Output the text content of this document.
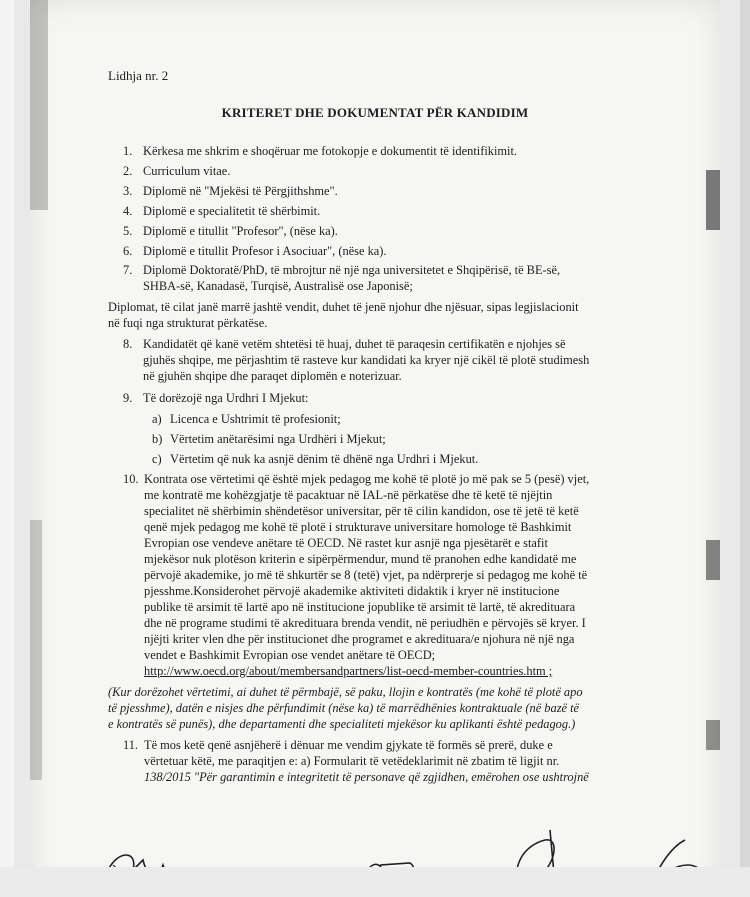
Lidhja nr. 2
KRITERET DHE DOKUMENTAT PËR KANDIDIM
1. Kërkesa me shkrim e shoqëruar me fotokopje e dokumentit të identifikimit.
2. Curriculum vitae.
3. Diplomë në "Mjekësi të Përgjithshme".
4. Diplomë e specialitetit të shërbimit.
5. Diplomë e titullit "Profesor", (nëse ka).
6. Diplomë e titullit Profesor i Asociuar", (nëse ka).
7. Diplomë Doktoratë/PhD, të mbrojtur në një nga universitetet e Shqipërisë, të BE-së,
SHBA-së, Kanadasë, Turqisë, Australisë ose Japonisë;
Diplomat, të cilat janë marrë jashtë vendit, duhet të jenë njohur dhe njësuar, sipas legjislacionit
në fuqi nga strukturat përkatëse.
8. Kandidatët që kanë vetëm shtetësi të huaj, duhet të paraqesin certifikatën e njohjes së
gjuhës shqipe, me përjashtim të rasteve kur kandidati ka kryer një cikël të plotë studimesh
në gjuhën shqipe dhe paraqet diplomën e noterizuar.
9. Të dorëzojë nga Urdhri I Mjekut:
a) Licenca e Ushtrimit të profesionit;
b) Vërtetim anëtarësimi nga Urdhëri i Mjekut;
c) Vërtetim që nuk ka asnjë dënim të dhënë nga Urdhri i Mjekut.
10. Kontrata ose vërtetimi që është mjek pedagog me kohë të plotë jo më pak se 5 (pesë) vjet,
me kontratë me kohëzgjatje të pacaktuar në IAL-në përkatëse dhe të ketë të njëjtin
specialitet në shërbimin shëndetësor universitar, për të cilin kandidon, ose të jetë të ketë
qenë mjek pedagog me kohë të plotë i strukturave universitare homologe të Bashkimit
Evropian ose vendeve anëtare të OECD. Në rastet kur asnjë nga pjesëtarët e stafit
mjekësor nuk plotëson kriterin e sipërpërmendur, mund të pranohen edhe kandidatë me
përvojë akademike, jo më të shkurtër se 8 (tetë) vjet, pa ndërprerje si pedagog me kohë të
pjesshme.Konsiderohet përvojë akademike aktiviteti didaktik i kryer në institucione
publike të arsimit të lartë apo në institucione jopublike të arsimit të lartë, të akredituara
dhe në programe studimi të akredituara brenda vendit, në periudhën e përvojës së kryer. I
njëjti kriter vlen dhe për institucionet dhe programet e akredituara/e njohura në një nga
vendet e Bashkimit Evropian ose vendet anëtare të OECD;
http://www.oecd.org/about/membersandpartners/list-oecd-member-countries.htm ;
(Kur dorëzohet vërtetimi, ai duhet të përmbajë, së paku, llojin e kontratës (me kohë të plotë apo
të pjesshme), datën e nisjes dhe përfundimit (nëse ka) të marrëdhënies kontraktuale (në bazë të
e kontratës së punës), dhe departamenti dhe specialiteti mjekësor ku aplikanti është pedagog.)
11. Të mos ketë qenë asnjëherë i dënuar me vendim gjykate të formës së prerë, duke e
vërtetuar këtë, me paraqitjen e: a) Formularit të vetëdeklarimit në zbatim të ligjit nr.
138/2015 "Për garantimin e integritetit të personave që zgjidhen, emërohen ose ushtrojnë
